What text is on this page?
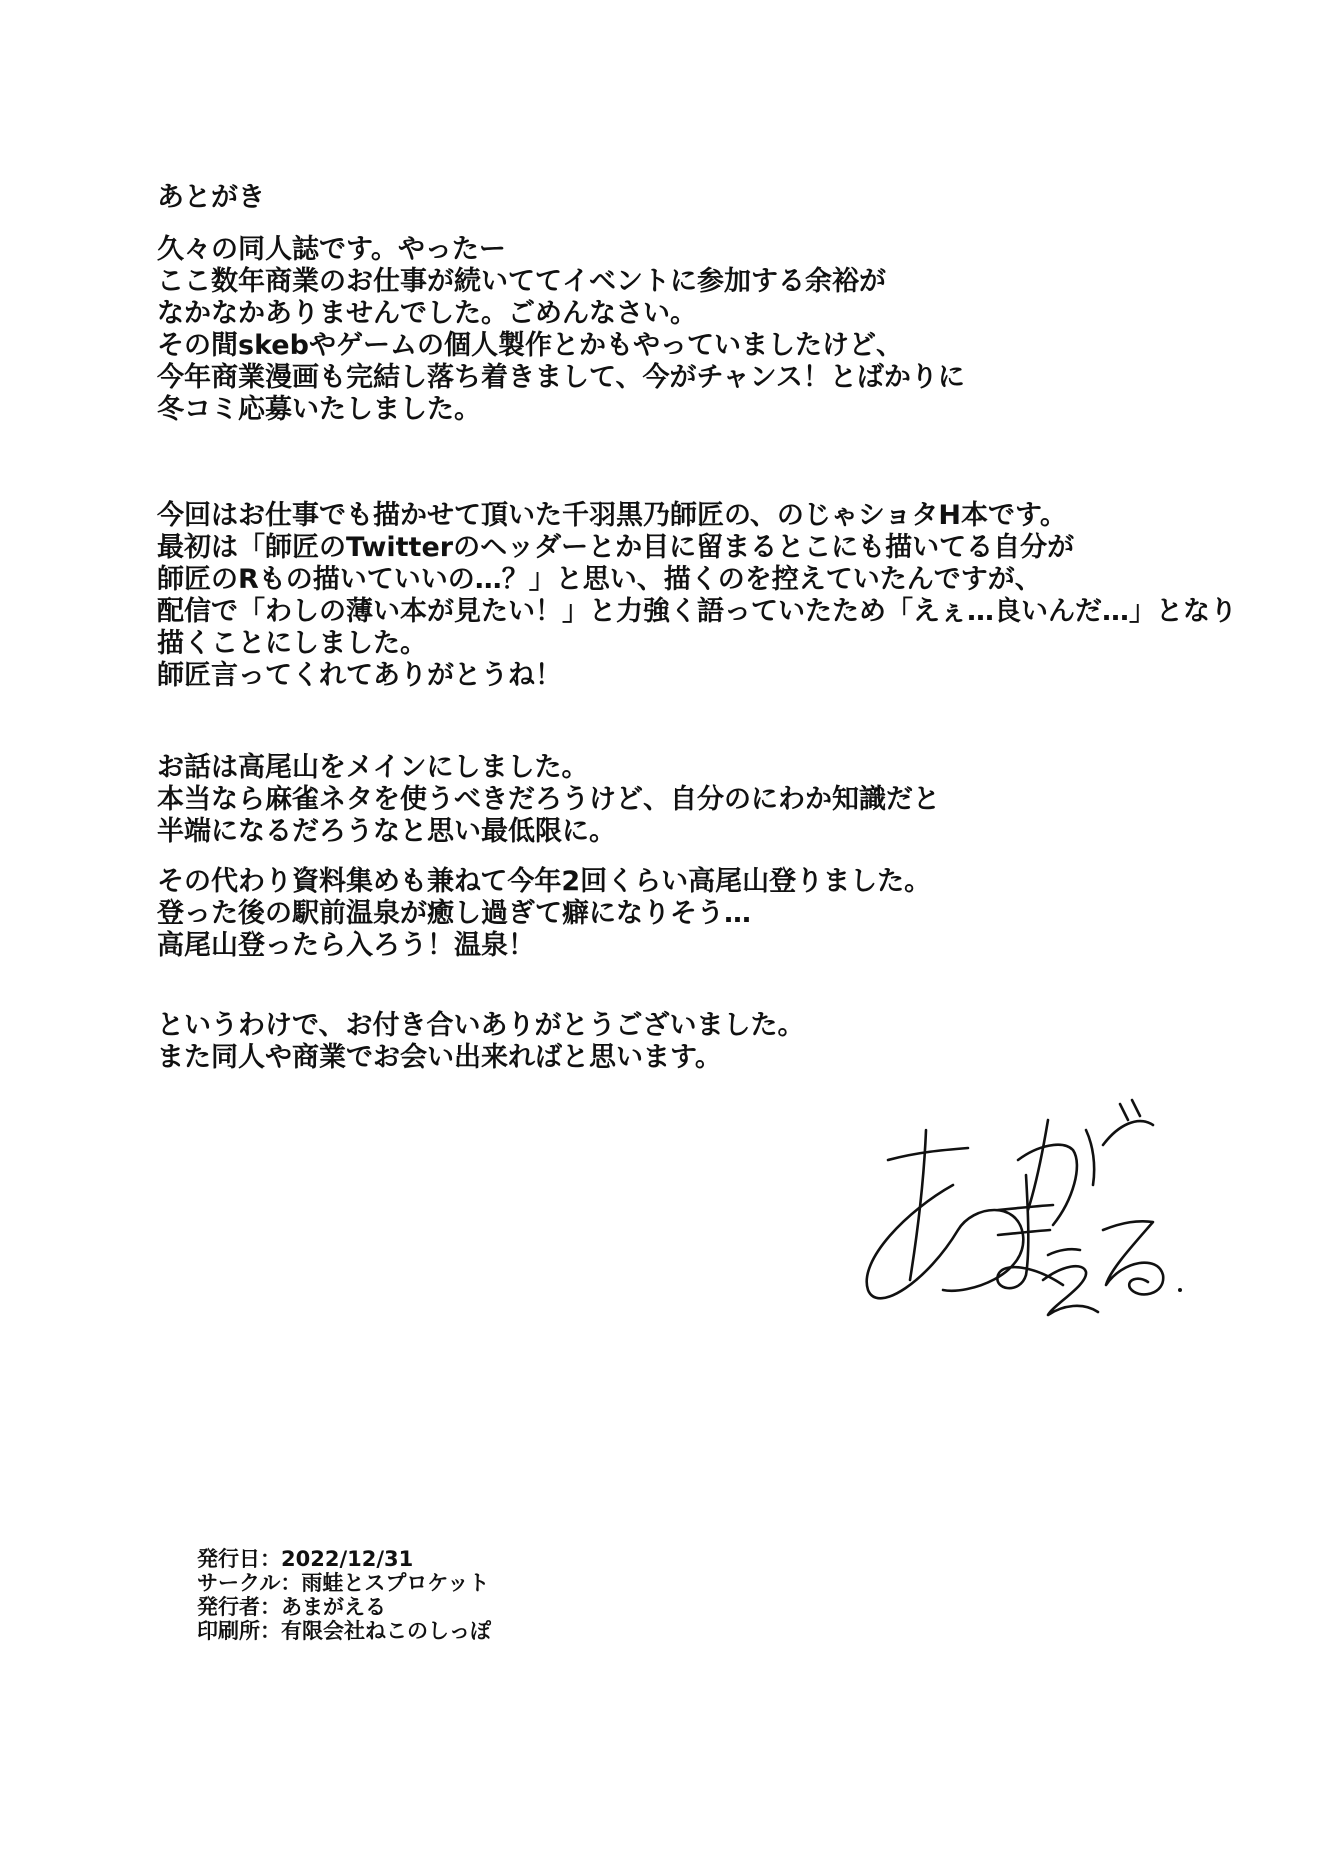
あとがき
久々の同人誌です。やったー
ここ数年商業のお仕事が続いててイベントに参加する余裕が
なかなかありませんでした。ごめんなさい。
その間skebやゲームの個人製作とかもやっていましたけど、
今年商業漫画も完結し落ち着きまして、今がチャンス！とばかりに
冬コミ応募いたしました。
今回はお仕事でも描かせて頂いた千羽黒乃師匠の、のじゃショタH本です。
最初は「師匠のTwitterのヘッダーとか目に留まるとこにも描いてる自分が
師匠のRもの描いていいの…？」と思い、描くのを控えていたんですが、
配信で「わしの薄い本が見たい！」と力強く語っていたため「えぇ…良いんだ…」となり
描くことにしました。
師匠言ってくれてありがとうね！
お話は高尾山をメインにしました。
本当なら麻雀ネタを使うべきだろうけど、自分のにわか知識だと
半端になるだろうなと思い最低限に。
その代わり資料集めも兼ねて今年2回くらい高尾山登りました。
登った後の駅前温泉が癒し過ぎて癖になりそう…
高尾山登ったら入ろう！温泉！
というわけで、お付き合いありがとうございました。
また同人や商業でお会い出来ればと思います。
発行日：2022/12/31
サークル：雨蛙とスプロケット
発行者：あまがえる
印刷所：有限会社ねこのしっぽ
